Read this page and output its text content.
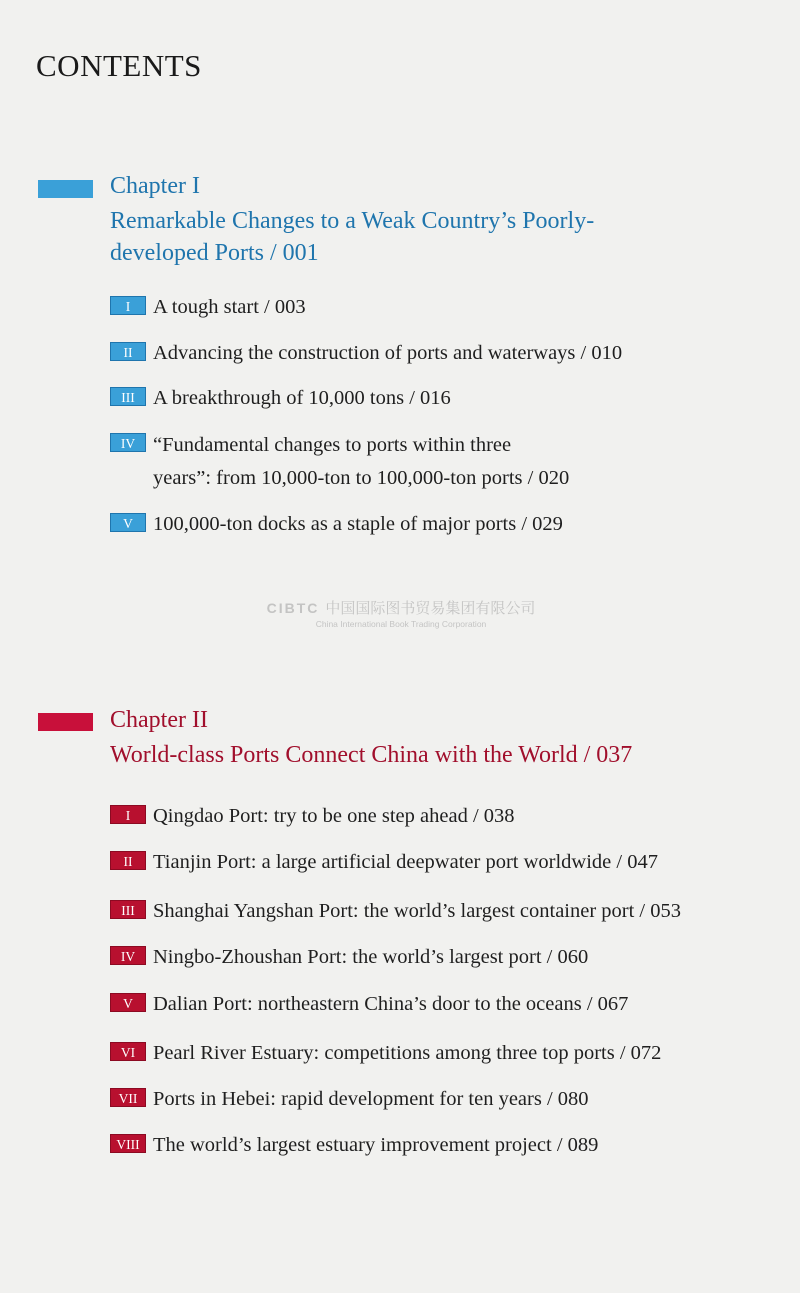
CONTENTS
Chapter I
Remarkable Changes to a Weak Country’s Poorly-developed Ports / 001
I A tough start / 003
II Advancing the construction of ports and waterways / 010
III A breakthrough of 10,000 tons / 016
IV “Fundamental changes to ports within three years”: from 10,000-ton to 100,000-ton ports / 020
V 100,000-ton docks as a staple of major ports / 029
CIBTC 中国国际图书贸易集团有限公司
China International Book Trading Corporation
Chapter II
World-class Ports Connect China with the World / 037
I Qingdao Port: try to be one step ahead / 038
II Tianjin Port: a large artificial deepwater port worldwide / 047
III Shanghai Yangshan Port: the world’s largest container port / 053
IV Ningbo-Zhoushan Port: the world’s largest port / 060
V Dalian Port: northeastern China’s door to the oceans / 067
VI Pearl River Estuary: competitions among three top ports / 072
VII Ports in Hebei: rapid development for ten years / 080
VIII The world’s largest estuary improvement project / 089
